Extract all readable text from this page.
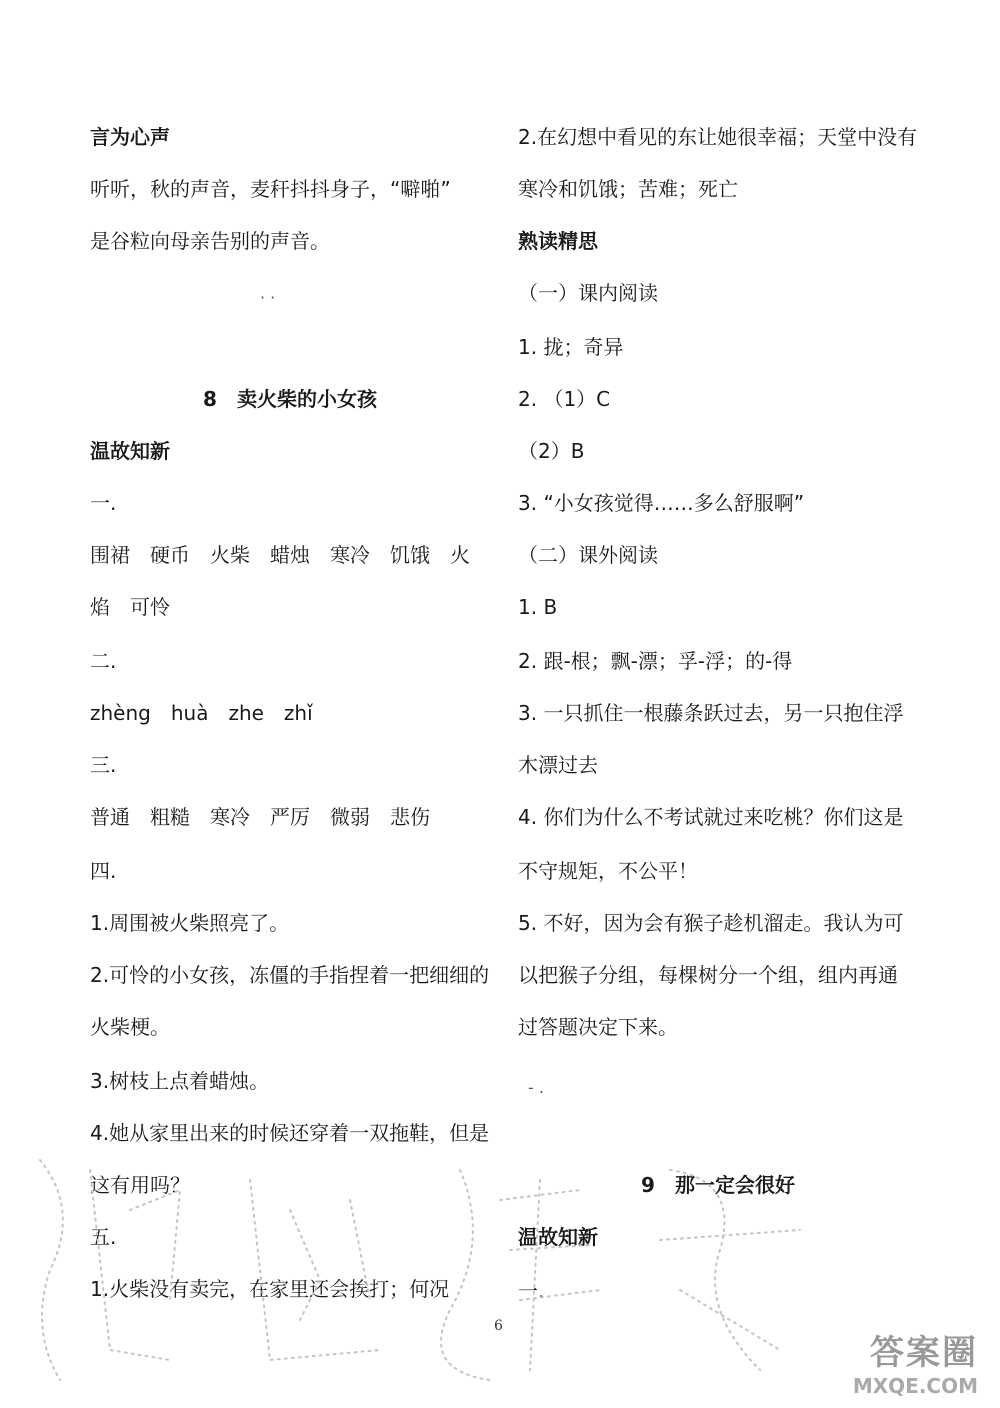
言为心声
听听，秋的声音，麦秆抖抖身子，“噼啪”
是谷粒向母亲告别的声音。
· ·
8　卖火柴的小女孩
温故知新
一.
围裙　硬币　火柴　蜡烛　寒冷　饥饿　火
焰　可怜
二.
zhèng　huà　zhe　zhǐ
三.
普通　粗糙　寒冷　严厉　微弱　悲伤
四.
1.周围被火柴照亮了。
2.可怜的小女孩，冻僵的手指捏着一把细细的
火柴梗。
3.树枝上点着蜡烛。
4.她从家里出来的时候还穿着一双拖鞋，但是
这有用吗？
五.
1.火柴没有卖完，在家里还会挨打；何况
2.在幻想中看见的东让她很幸福；天堂中没有
寒冷和饥饿；苦难；死亡
熟读精思
（一）课内阅读
1. 拢；奇异
2. （1）C
（2）B
3. “小女孩觉得……多么舒服啊”
（二）课外阅读
1. B
2. 跟-根；飘-漂；孚-浮；的-得
3. 一只抓住一根藤条跃过去，另一只抱住浮
木漂过去
4. 你们为什么不考试就过来吃桃？你们这是
不守规矩，不公平！
5. 不好，因为会有猴子趁机溜走。我认为可
以把猴子分组，每棵树分一个组，组内再通
过答题决定下来。
- .
9　那一定会很好
温故知新
一.
6
答案圈
MXQE.COM
